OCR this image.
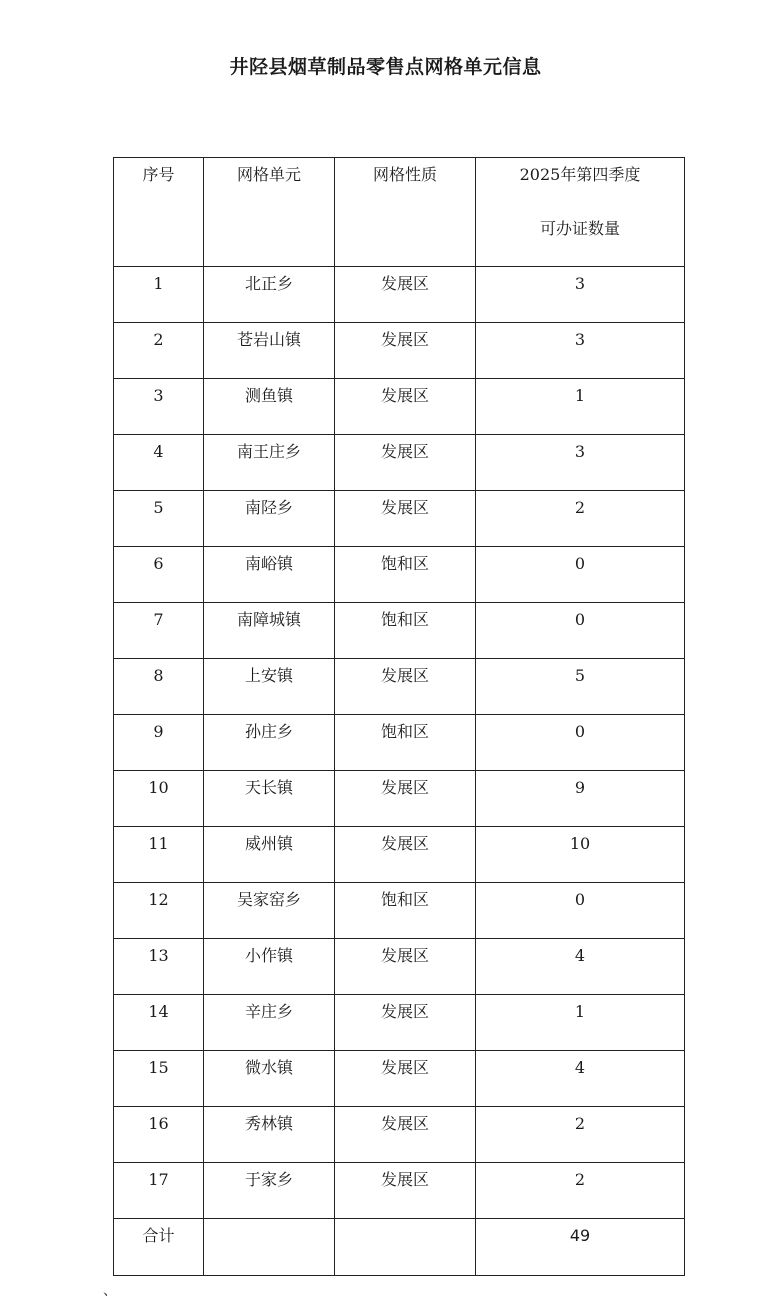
井陉县烟草制品零售点网格单元信息
序号	网格单元	网格性质	2025年第四季度
可办证数量

1	北正乡	发展区	3
2	苍岩山镇	发展区	3
3	测鱼镇	发展区	1
4	南王庄乡	发展区	3
5	南陉乡	发展区	2
6	南峪镇	饱和区	0
7	南障城镇	饱和区	0
8	上安镇	发展区	5
9	孙庄乡	饱和区	0
10	天长镇	发展区	9
11	威州镇	发展区	10
12	吴家窑乡	饱和区	0
13	小作镇	发展区	4
14	辛庄乡	发展区	1
15	微水镇	发展区	4
16	秀林镇	发展区	2
17	于家乡	发展区	2
合计			49
、
